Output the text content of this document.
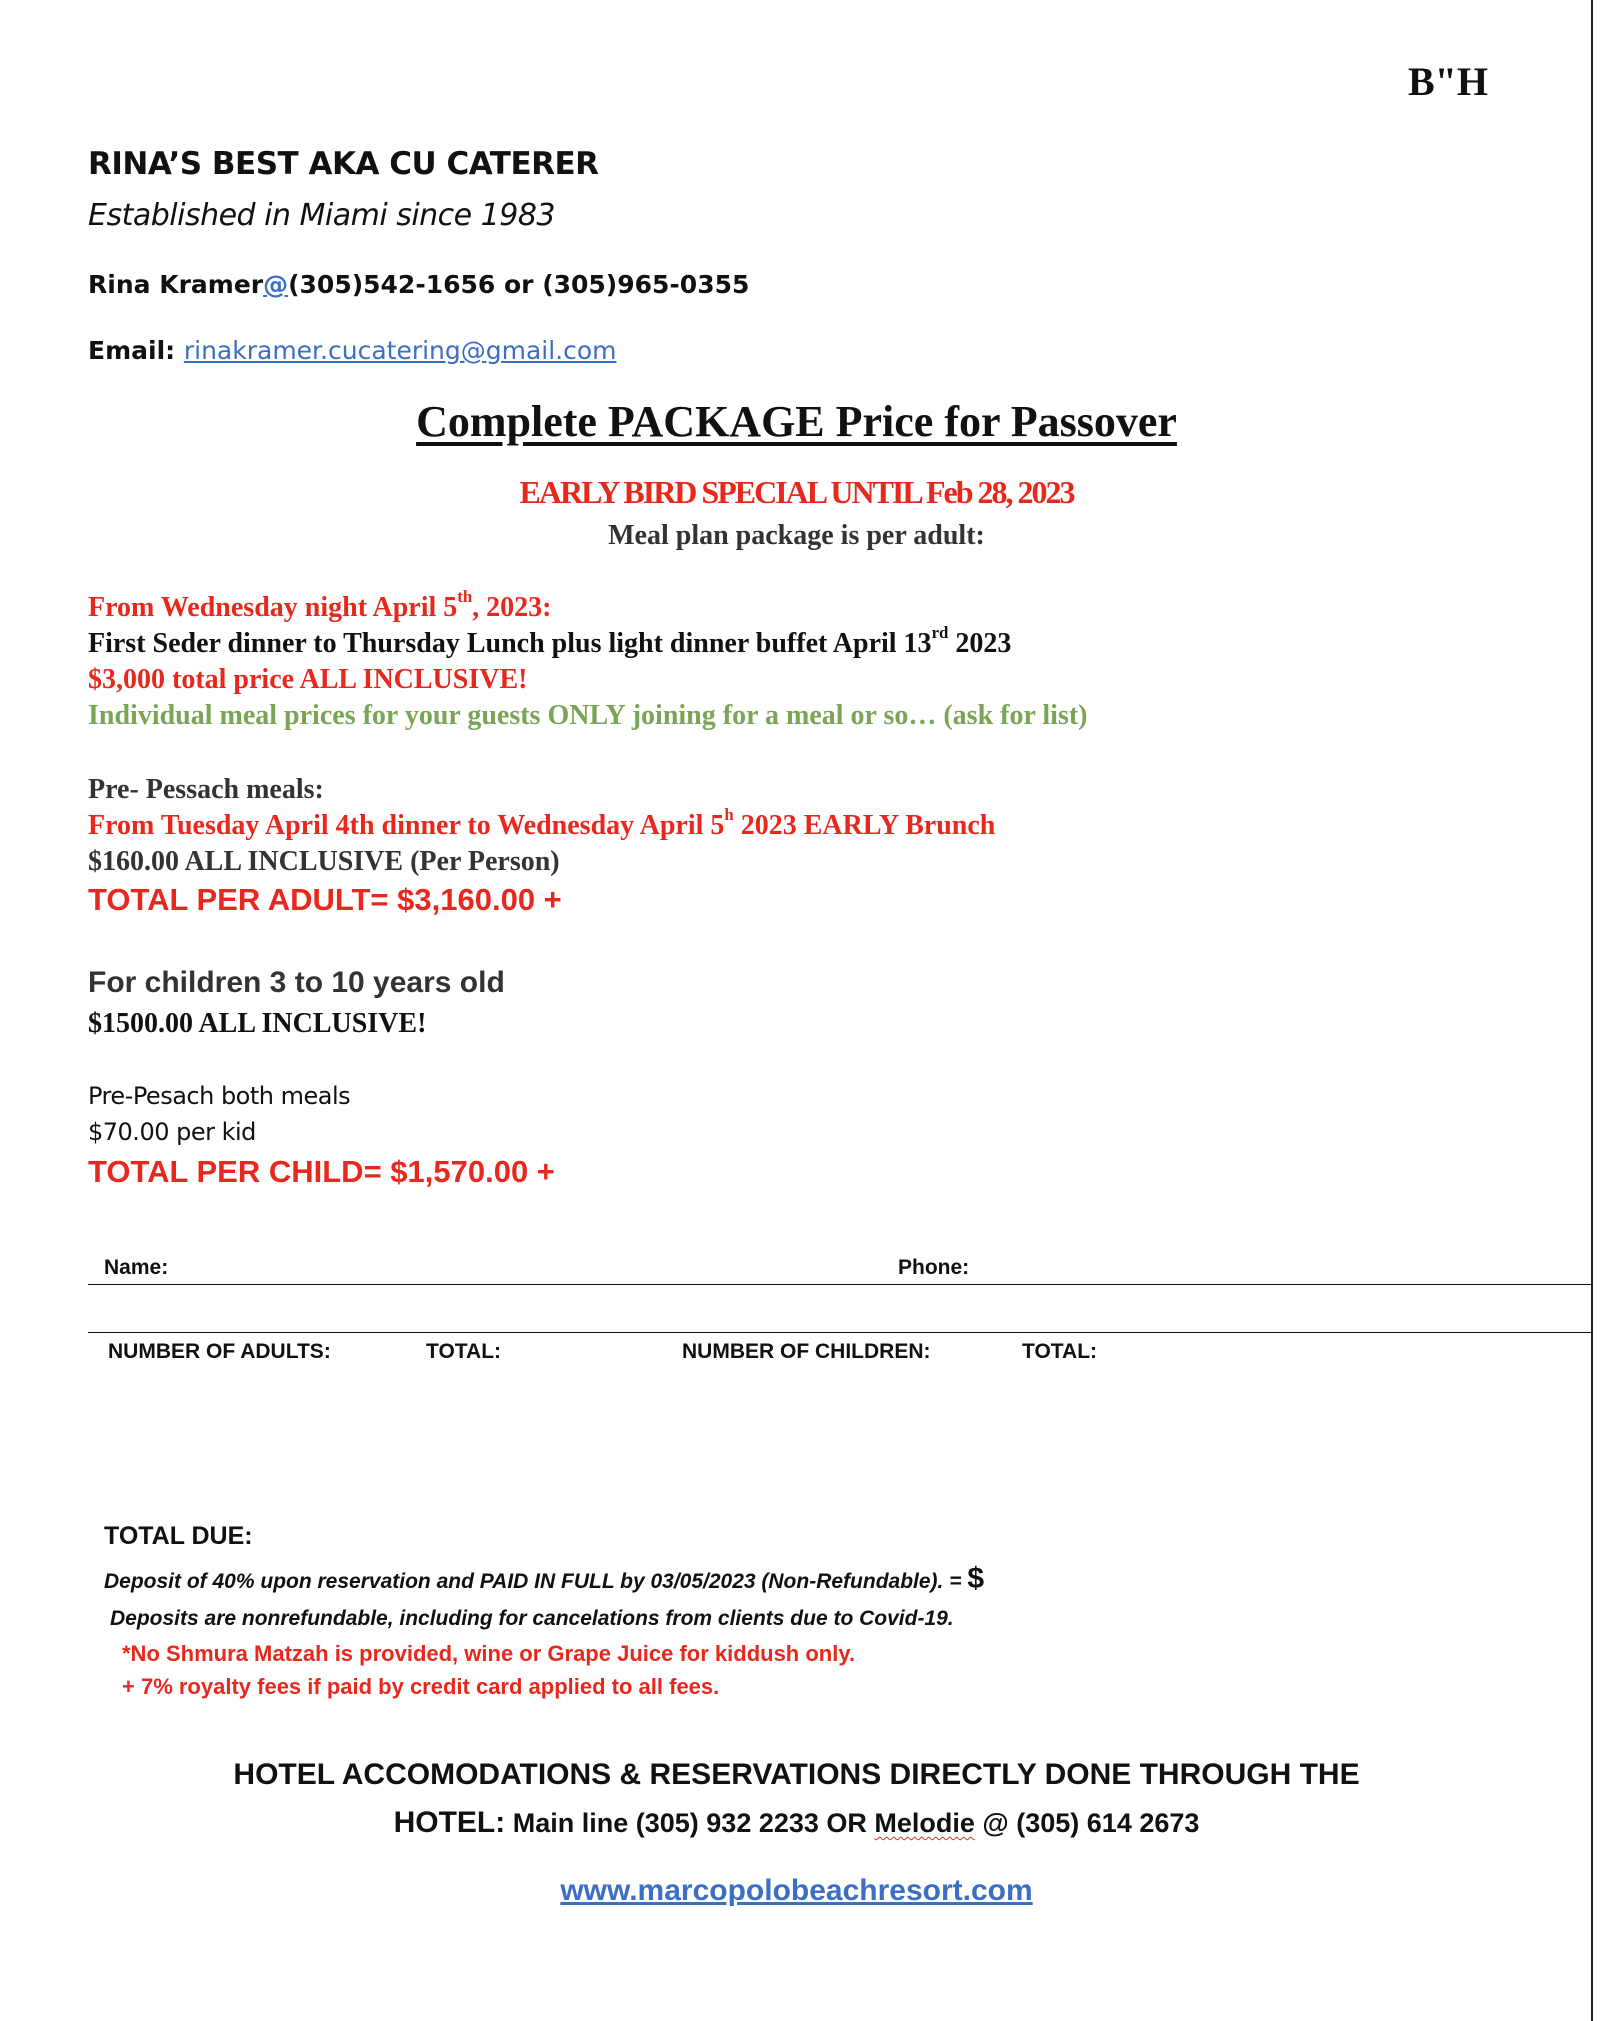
B"H
RINA’S BEST AKA CU CATERER
Established in Miami since 1983
Rina Kramer@(305)542-1656 or (305)965-0355
Email: rinakramer.cucatering@gmail.com
Complete PACKAGE Price for Passover
EARLY BIRD SPECIAL UNTIL Feb 28, 2023
Meal plan package is per adult:
From Wednesday night April 5th, 2023:
First Seder dinner to Thursday Lunch plus light dinner buffet April 13rd 2023
$3,000 total price ALL INCLUSIVE!
Individual meal prices for your guests ONLY joining for a meal or so… (ask for list)
Pre- Pessach meals:
From Tuesday April 4th dinner to Wednesday April 5$^h$ 2023 EARLY Brunch
$160.00 ALL INCLUSIVE (Per Person)
TOTAL PER ADULT= $3,160.00 +
For children 3 to 10 years old
$1500.00 ALL INCLUSIVE!
Pre-Pesach both meals
$70.00 per kid
TOTAL PER CHILD= $1,570.00 +
Name:	Phone:
NUMBER OF ADULTS:	TOTAL:	NUMBER OF CHILDREN:	TOTAL:
TOTAL DUE:
Deposit of 40% upon reservation and PAID IN FULL by 03/05/2023 (Non-Refundable). = $
Deposits are nonrefundable, including for cancelations from clients due to Covid-19.
*No Shmura Matzah is provided, wine or Grape Juice for kiddush only.
+ 7% royalty fees if paid by credit card applied to all fees.
HOTEL ACCOMODATIONS & RESERVATIONS DIRECTLY DONE THROUGH THE
HOTEL: Main line (305) 932 2233 OR Melodie @ (305) 614 2673
www.marcopolobeachresort.com
